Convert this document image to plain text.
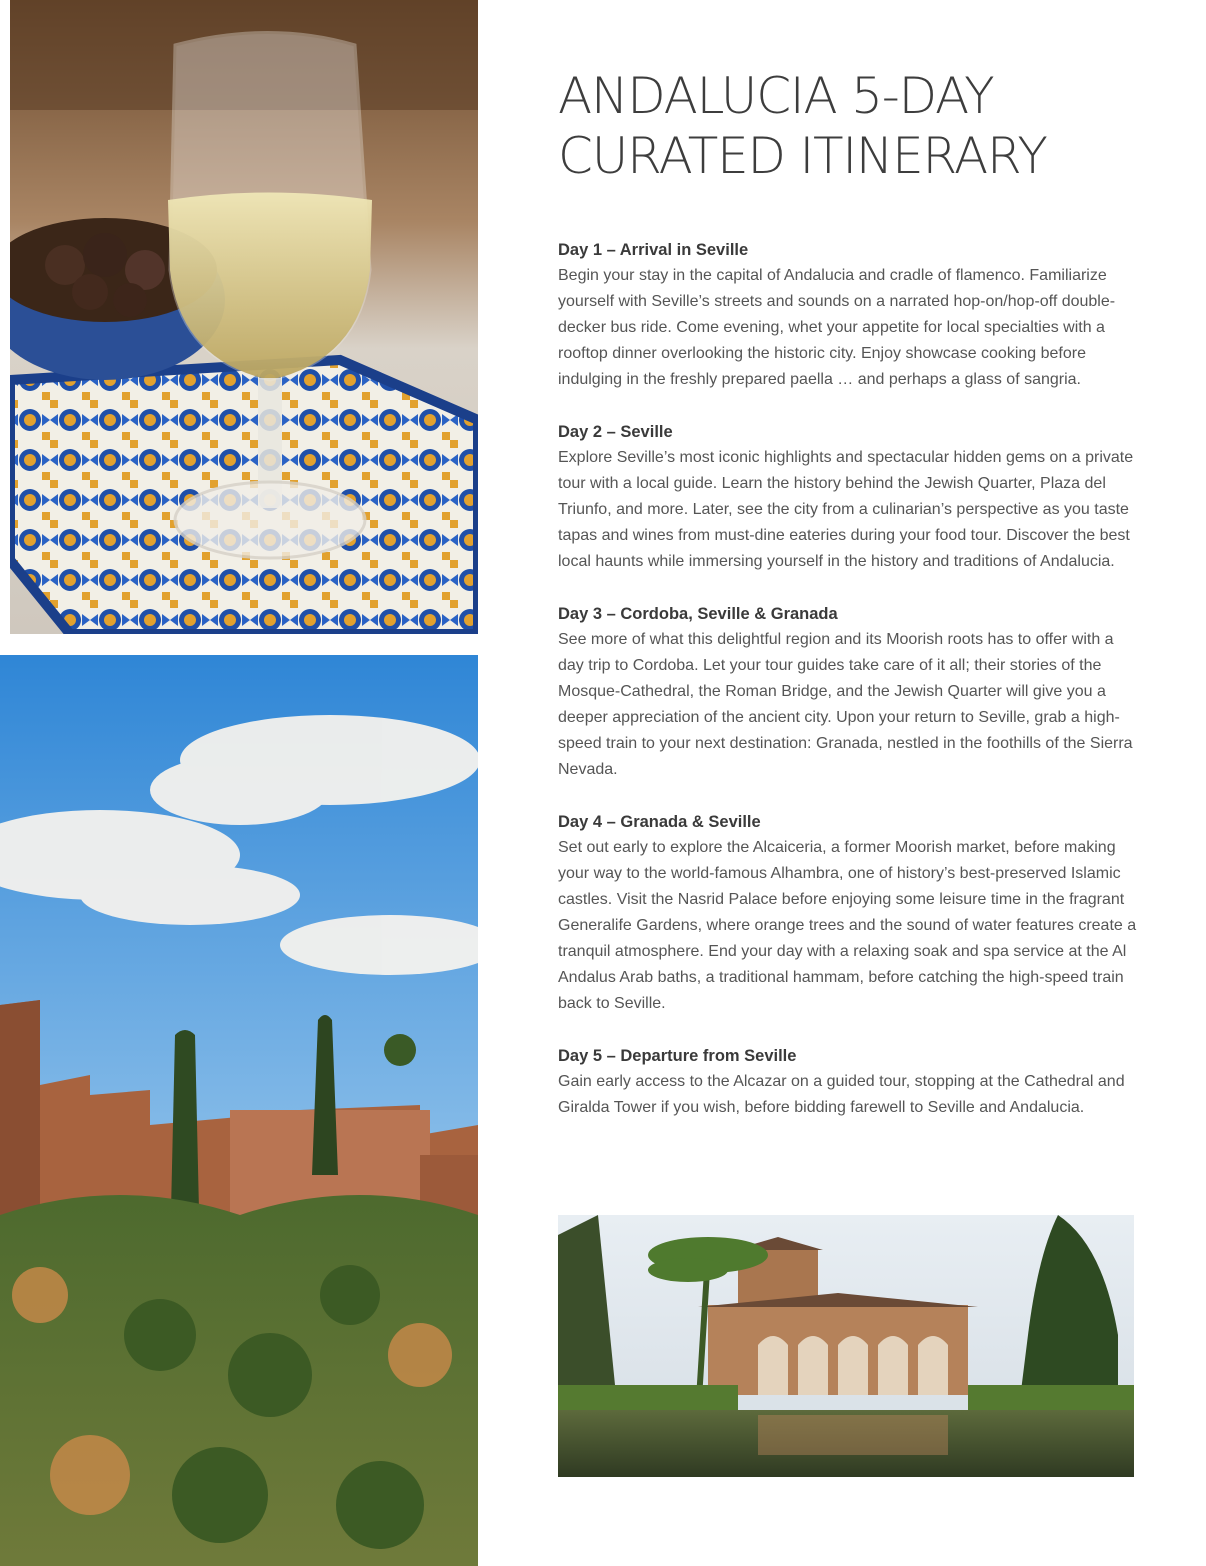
ANDALUCIA 5-DAY CURATED ITINERARY
Day 1 – Arrival in Seville

Begin your stay in the capital of Andalucia and cradle of flamenco. Familiarize yourself with Seville’s streets and sounds on a narrated hop-on/hop-off double-decker bus ride. Come evening, whet your appetite for local specialties with a rooftop dinner overlooking the historic city. Enjoy showcase cooking before indulging in the freshly prepared paella … and perhaps a glass of sangria.

Day 2 – Seville

Explore Seville’s most iconic highlights and spectacular hidden gems on a private tour with a local guide. Learn the history behind the Jewish Quarter, Plaza del Triunfo, and more. Later, see the city from a culinarian’s perspective as you taste tapas and wines from must-dine eateries during your food tour. Discover the best local haunts while immersing yourself in the history and traditions of Andalucia.

Day 3 – Cordoba, Seville & Granada

See more of what this delightful region and its Moorish roots has to offer with a day trip to Cordoba. Let your tour guides take care of it all; their stories of the Mosque-Cathedral, the Roman Bridge, and the Jewish Quarter will give you a deeper appreciation of the ancient city. Upon your return to Seville, grab a high-speed train to your next destination: Granada, nestled in the foothills of the Sierra Nevada.

Day 4 – Granada & Seville

Set out early to explore the Alcaiceria, a former Moorish market, before making your way to the world-famous Alhambra, one of history’s best-preserved Islamic castles. Visit the Nasrid Palace before enjoying some leisure time in the fragrant Generalife Gardens, where orange trees and the sound of water features create a tranquil atmosphere. End your day with a relaxing soak and spa service at the Al Andalus Arab baths, a traditional hammam, before catching the high-speed train back to Seville.

Day 5 – Departure from Seville

Gain early access to the Alcazar on a guided tour, stopping at the Cathedral and Giralda Tower if you wish, before bidding farewell to Seville and Andalucia.
